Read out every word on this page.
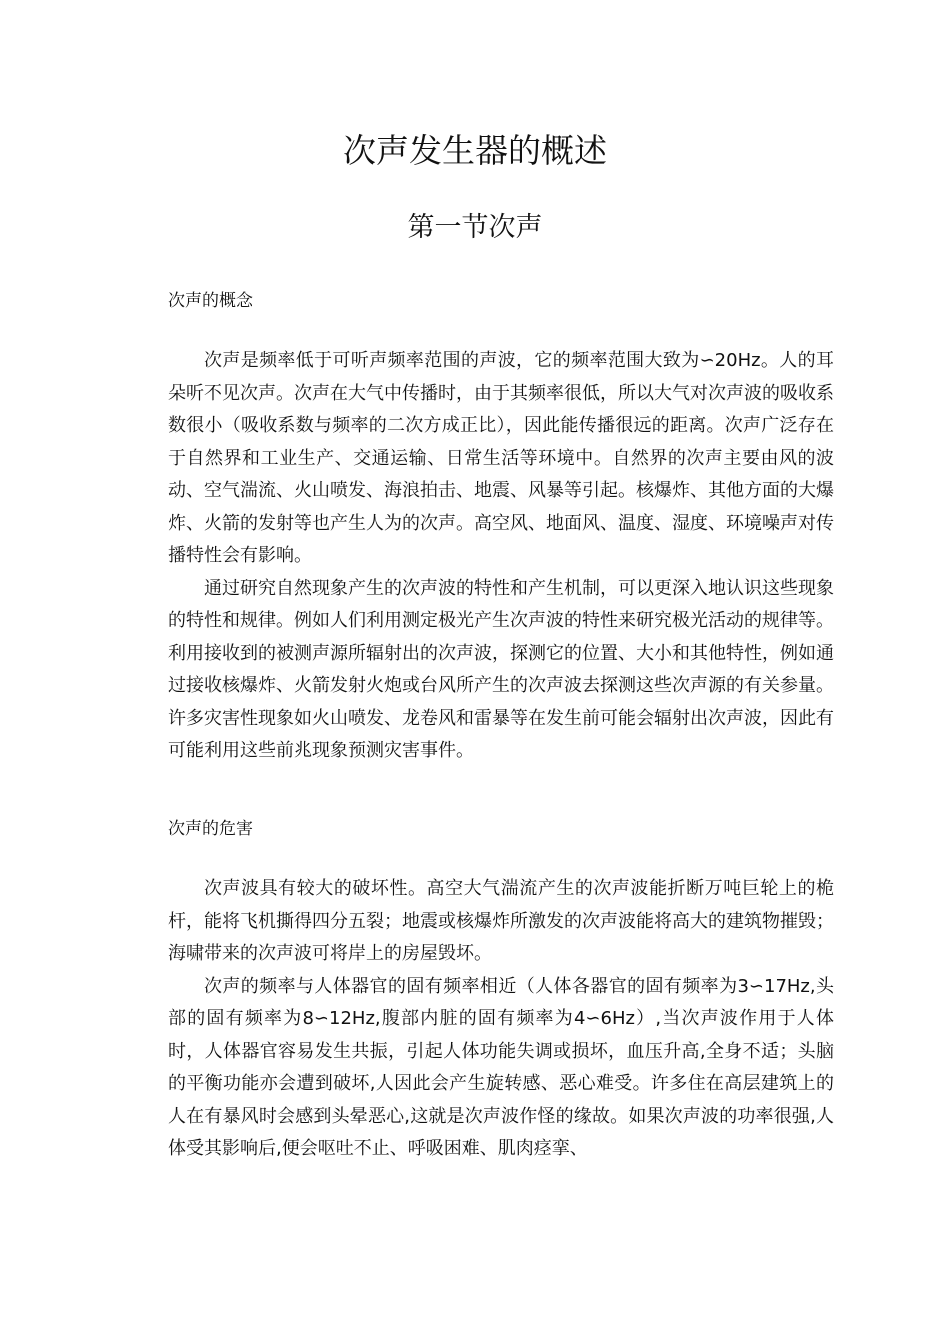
次声发生器的概述
第一节次声
次声的概念

次声是频率低于可听声频率范围的声波，它的频率范围大致为∽20Hz。人的耳朵听不见次声。次声在大气中传播时，由于其频率很低，所以大气对次声波的吸收系数很小（吸收系数与频率的二次方成正比），因此能传播很远的距离。次声广泛存在于自然界和工业生产、交通运输、日常生活等环境中。自然界的次声主要由风的波动、空气湍流、火山喷发、海浪拍击、地震、风暴等引起。核爆炸、其他方面的大爆炸、火箭的发射等也产生人为的次声。高空风、地面风、温度、湿度、环境噪声对传播特性会有影响。

通过研究自然现象产生的次声波的特性和产生机制，可以更深入地认识这些现象的特性和规律。例如人们利用测定极光产生次声波的特性来研究极光活动的规律等。利用接收到的被测声源所辐射出的次声波，探测它的位置、大小和其他特性，例如通过接收核爆炸、火箭发射火炮或台风所产生的次声波去探测这些次声源的有关参量。许多灾害性现象如火山喷发、龙卷风和雷暴等在发生前可能会辐射出次声波，因此有可能利用这些前兆现象预测灾害事件。

次声的危害

次声波具有较大的破坏性。高空大气湍流产生的次声波能折断万吨巨轮上的桅杆，能将飞机撕得四分五裂；地震或核爆炸所激发的次声波能将高大的建筑物摧毁；海啸带来的次声波可将岸上的房屋毁坏。

次声的频率与人体器官的固有频率相近（人体各器官的固有频率为3∽17Hz,头部的固有频率为8∽12Hz,腹部内脏的固有频率为4∽6Hz）,当次声波作用于人体时，人体器官容易发生共振，引起人体功能失调或损坏，血压升高,全身不适；头脑的平衡功能亦会遭到破坏,人因此会产生旋转感、恶心难受。许多住在高层建筑上的人在有暴风时会感到头晕恶心,这就是次声波作怪的缘故。如果次声波的功率很强,人体受其影响后,便会呕吐不止、呼吸困难、肌肉痉挛、
